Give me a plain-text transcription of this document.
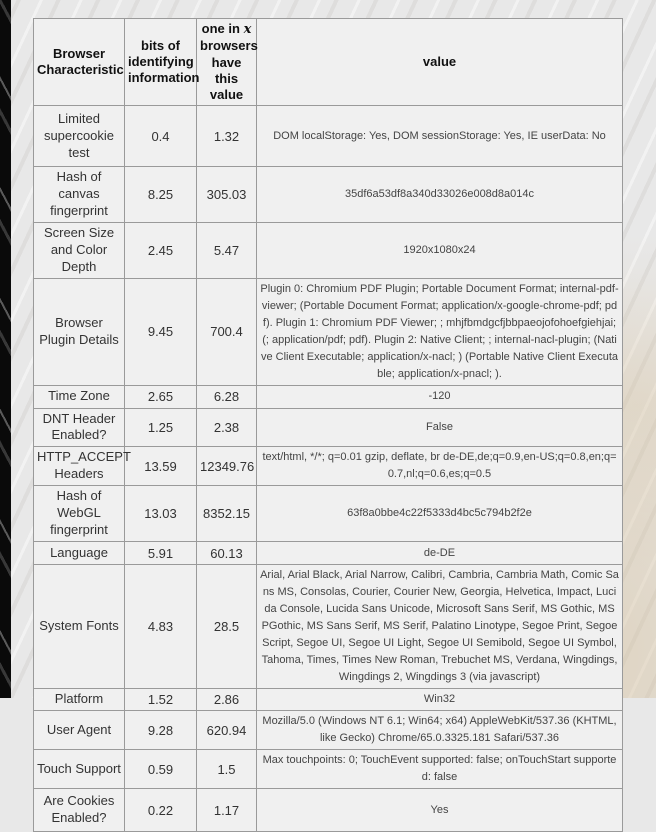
Browser Characteristic	bits of identifying information	one in x browsers have this value	value
Limited supercookie test	0.4	1.32	DOM localStorage: Yes, DOM sessionStorage: Yes, IE userData: No
Hash of canvas fingerprint	8.25	305.03	35df6a53df8a340d33026e008d8a014c
Screen Size and Color Depth	2.45	5.47	1920x1080x24
Browser Plugin Details	9.45	700.4	Plugin 0: Chromium PDF Plugin; Portable Document Format; internal-pdf-viewer; (Portable Document Format; application/x-google-chrome-pdf; pdf). Plugin 1: Chromium PDF Viewer; ; mhjfbmdgcfjbbpaeojofohoefgiehjai; (; application/pdf; pdf). Plugin 2: Native Client; ; internal-nacl-plugin; (Native Client Executable; application/x-nacl; ) (Portable Native Client Executable; application/x-pnacl; ).
Time Zone	2.65	6.28	-120
DNT Header Enabled?	1.25	2.38	False
HTTP_ACCEPT Headers	13.59	12349.76	text/html, */*; q=0.01 gzip, deflate, br de-DE,de;q=0.9,en-US;q=0.8,en;q=0.7,nl;q=0.6,es;q=0.5
Hash of WebGL fingerprint	13.03	8352.15	63f8a0bbe4c22f5333d4bc5c794b2f2e
Language	5.91	60.13	de-DE
System Fonts	4.83	28.5	Arial, Arial Black, Arial Narrow, Calibri, Cambria, Cambria Math, Comic Sans MS, Consolas, Courier, Courier New, Georgia, Helvetica, Impact, Lucida Console, Lucida Sans Unicode, Microsoft Sans Serif, MS Gothic, MS PGothic, MS Sans Serif, MS Serif, Palatino Linotype, Segoe Print, Segoe Script, Segoe UI, Segoe UI Light, Segoe UI Semibold, Segoe UI Symbol, Tahoma, Times, Times New Roman, Trebuchet MS, Verdana, Wingdings, Wingdings 2, Wingdings 3 (via javascript)
Platform	1.52	2.86	Win32
User Agent	9.28	620.94	Mozilla/5.0 (Windows NT 6.1; Win64; x64) AppleWebKit/537.36 (KHTML, like Gecko) Chrome/65.0.3325.181 Safari/537.36
Touch Support	0.59	1.5	Max touchpoints: 0; TouchEvent supported: false; onTouchStart supported: false
Are Cookies Enabled?	0.22	1.17	Yes
